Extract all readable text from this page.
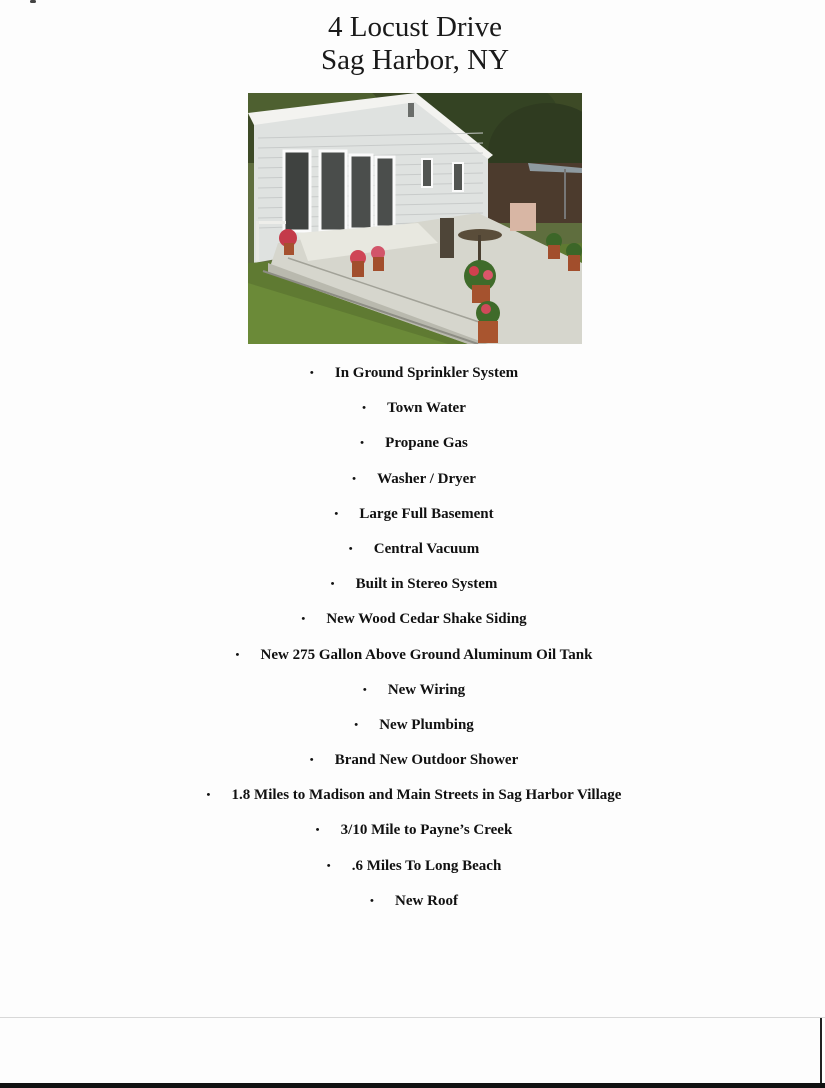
4 Locust Drive
Sag Harbor, NY
• In Ground Sprinkler System
• Town Water
• Propane Gas
• Washer / Dryer
• Large Full Basement
• Central Vacuum
• Built in Stereo System
• New Wood Cedar Shake Siding
• New 275 Gallon Above Ground Aluminum Oil Tank
• New Wiring
• New Plumbing
• Brand New Outdoor Shower
• 1.8 Miles to Madison and Main Streets in Sag Harbor Village
• 3/10 Mile to Payne’s Creek
• .6 Miles To Long Beach
• New Roof
